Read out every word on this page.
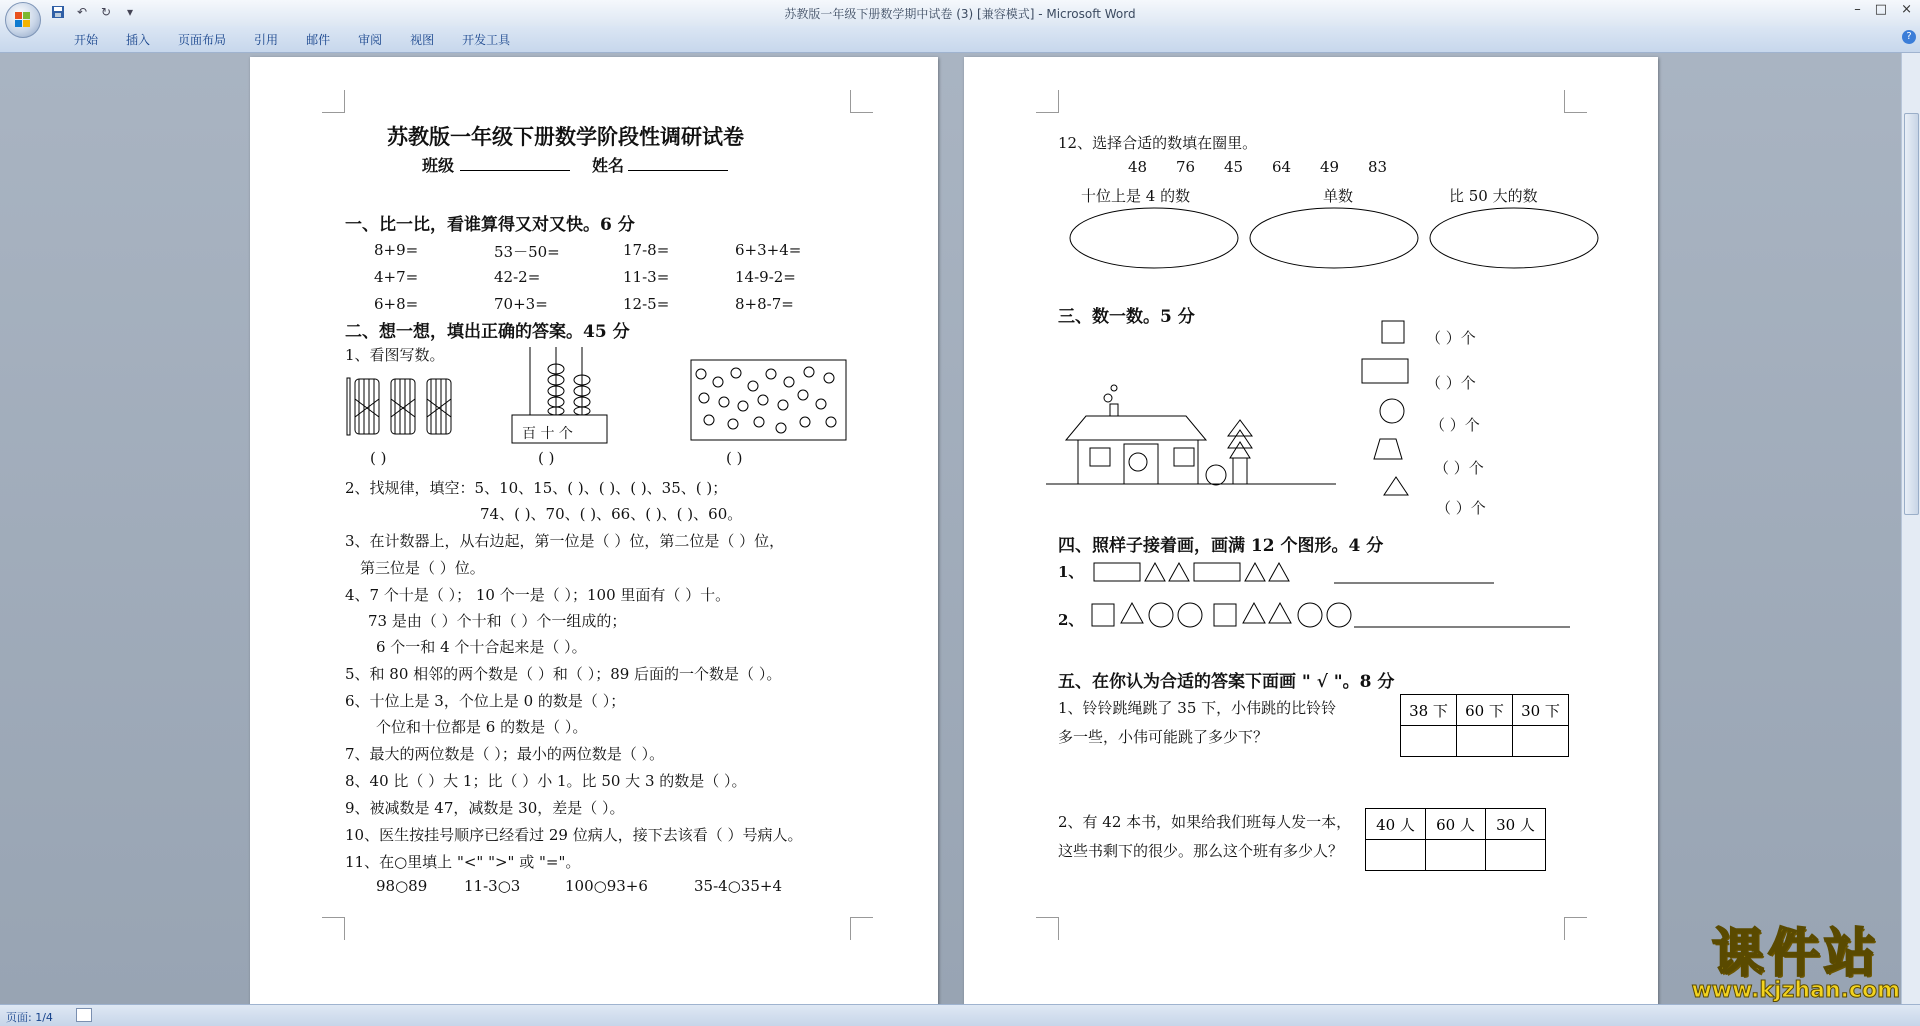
↶ ↻	▾	苏教版一年级下册数学期中试卷 (3) [兼容模式] - Microsoft Word	– □ ×
开始	插入	页面布局	引用	邮件	审阅	视图	开发工具	?
苏教版一年级下册数学阶段性调研试卷
班级	姓名
一、比一比，看谁算得又对又快。6 分
8+9=	53－50=	17-8=	6+3+4=
4+7=	42-2=	11-3=	14-9-2=
6+8=	70+3=	12-5=	8+8-7=
二、想一想，填出正确的答案。45 分
1、看图写数。
百 十 个
( )	( )	( )
2、找规律，填空：5、10、15、( )、( )、( )、35、( )；
74、( )、70、( )、66、( )、( )、60。
3、在计数器上，从右边起，第一位是（ ）位，第二位是（ ）位，
第三位是（ ）位。
4、7 个十是（ ）； 10 个一是（ ）；100 里面有（ ）十。
73 是由（ ）个十和（ ）个一组成的；
6 个一和 4 个十合起来是（ ）。
5、和 80 相邻的两个数是（ ）和（ ）；89 后面的一个数是（ ）。
6、十位上是 3，个位上是 0 的数是（ ）；
个位和十位都是 6 的数是（ ）。
7、最大的两位数是（ ）；最小的两位数是（ ）。
8、40 比（ ）大 1；比（ ）小 1。比 50 大 3 的数是（ ）。
9、被减数是 47，减数是 30，差是（ ）。
10、医生按挂号顺序已经看过 29 位病人，接下去该看（ ）号病人。
11、在○里填上 "<" ">" 或 "="。
98○89 11-3○3	100○93+6	35-4○35+4
12、选择合适的数填在圈里。
48 76 45 64 49 83
十位上是 4 的数	单数	比 50 大的数
三、数一数。5 分
（ ）个
（ ）个
（ ）个
（ ）个
（ ）个
四、照样子接着画，画满 12 个图形。4 分
1、
2、
五、在你认为合适的答案下面画 " √ "。8 分
1、铃铃跳绳跳了 35 下，小伟跳的比铃铃
多一些，小伟可能跳了多少下？
38 下	60 下	30 下

2、有 42 本书，如果给我们班每人发一本，
这些书剩下的很少。那么这个班有多少人？
40 人	60 人	30 人

页面: 1/4
课件站
www.kjzhan.com
